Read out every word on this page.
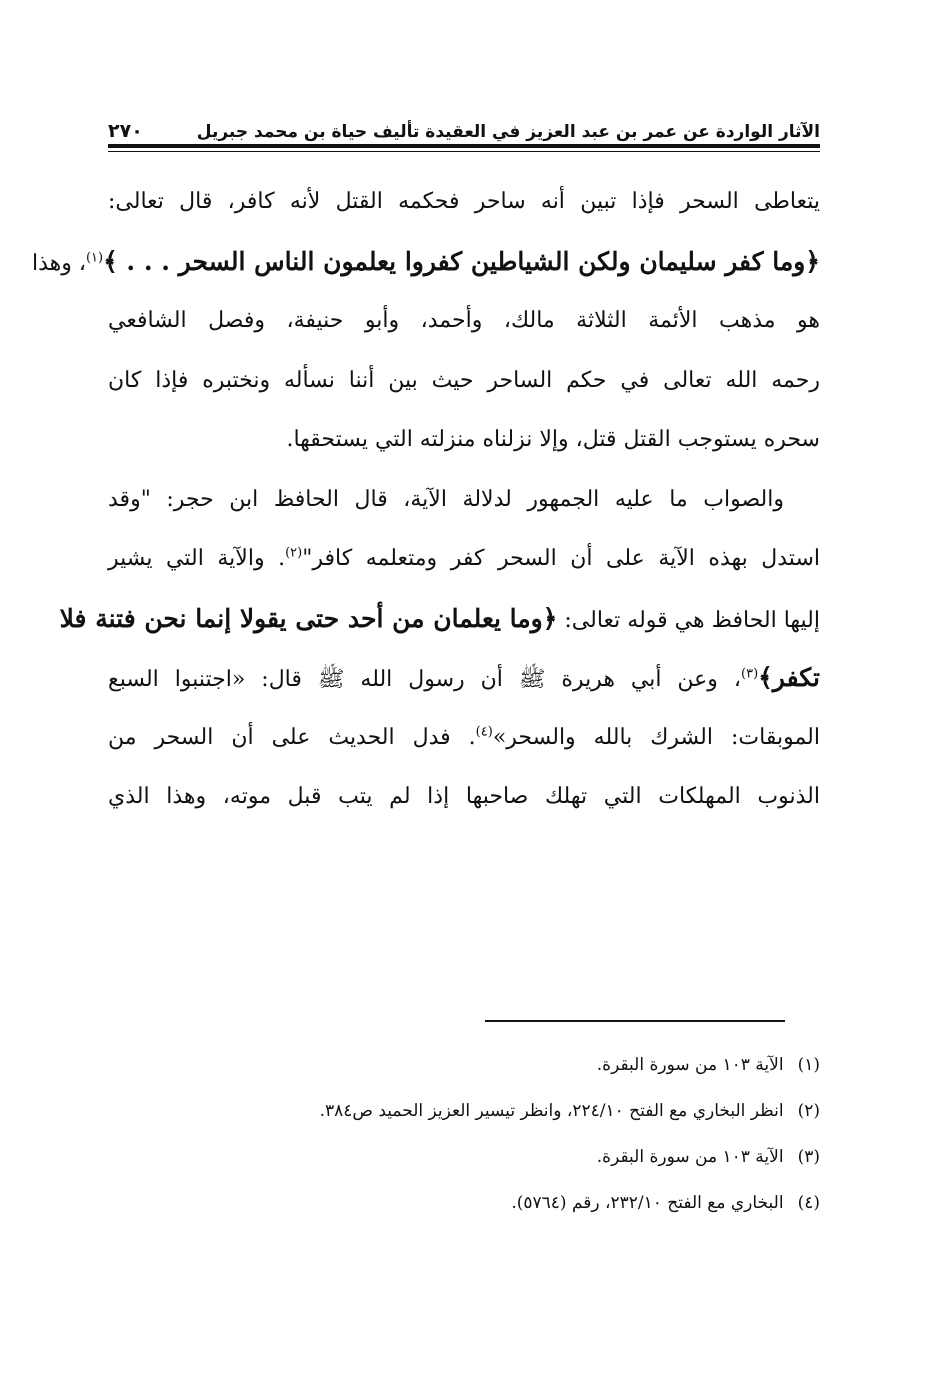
الآثار الواردة عن عمر بن عبد العزيز في العقيدة تأليف حياة بن محمد جبريل
٢٧٠
يتعاطى السحر فإذا تبين أنه ساحر فحكمه القتل لأنه كافر، قال تعالى:
﴿وما كفر سليمان ولكن الشياطين كفروا يعلمون الناس السحر . . . ﴾$^{(١)}$، وهذا
هو مذهب الأئمة الثلاثة مالك، وأحمد، وأبو حنيفة، وفصل الشافعي
رحمه الله تعالى في حكم الساحر حيث بين أننا نسأله ونختبره فإذا كان
سحره يستوجب القتل قتل، وإلا نزلناه منزلته التي يستحقها.
والصواب ما عليه الجمهور لدلالة الآية، قال الحافظ ابن حجر: "وقد
استدل بهذه الآية على أن السحر كفر ومتعلمه كافر"$^{(٢)}$. والآية التي يشير
إليها الحافظ هي قوله تعالى: ﴿وما يعلمان من أحد حتى يقولا إنما نحن فتنة فلا
تكفر﴾$^{(٣)}$، وعن أبي هريرة ﷺ أن رسول الله ﷺ قال: «اجتنبوا السبع
الموبقات: الشرك بالله والسحر»$^{(٤)}$. فدل الحديث على أن السحر من
الذنوب المهلكات التي تهلك صاحبها إذا لم يتب قبل موته، وهذا الذي
(١)الآية ١٠٣ من سورة البقرة.
(٢)انظر البخاري مع الفتح ٢٢٤/١٠، وانظر تيسير العزيز الحميد ص٣٨٤.
(٣)الآية ١٠٣ من سورة البقرة.
(٤)البخاري مع الفتح ٢٣٢/١٠، رقم (٥٧٦٤).
